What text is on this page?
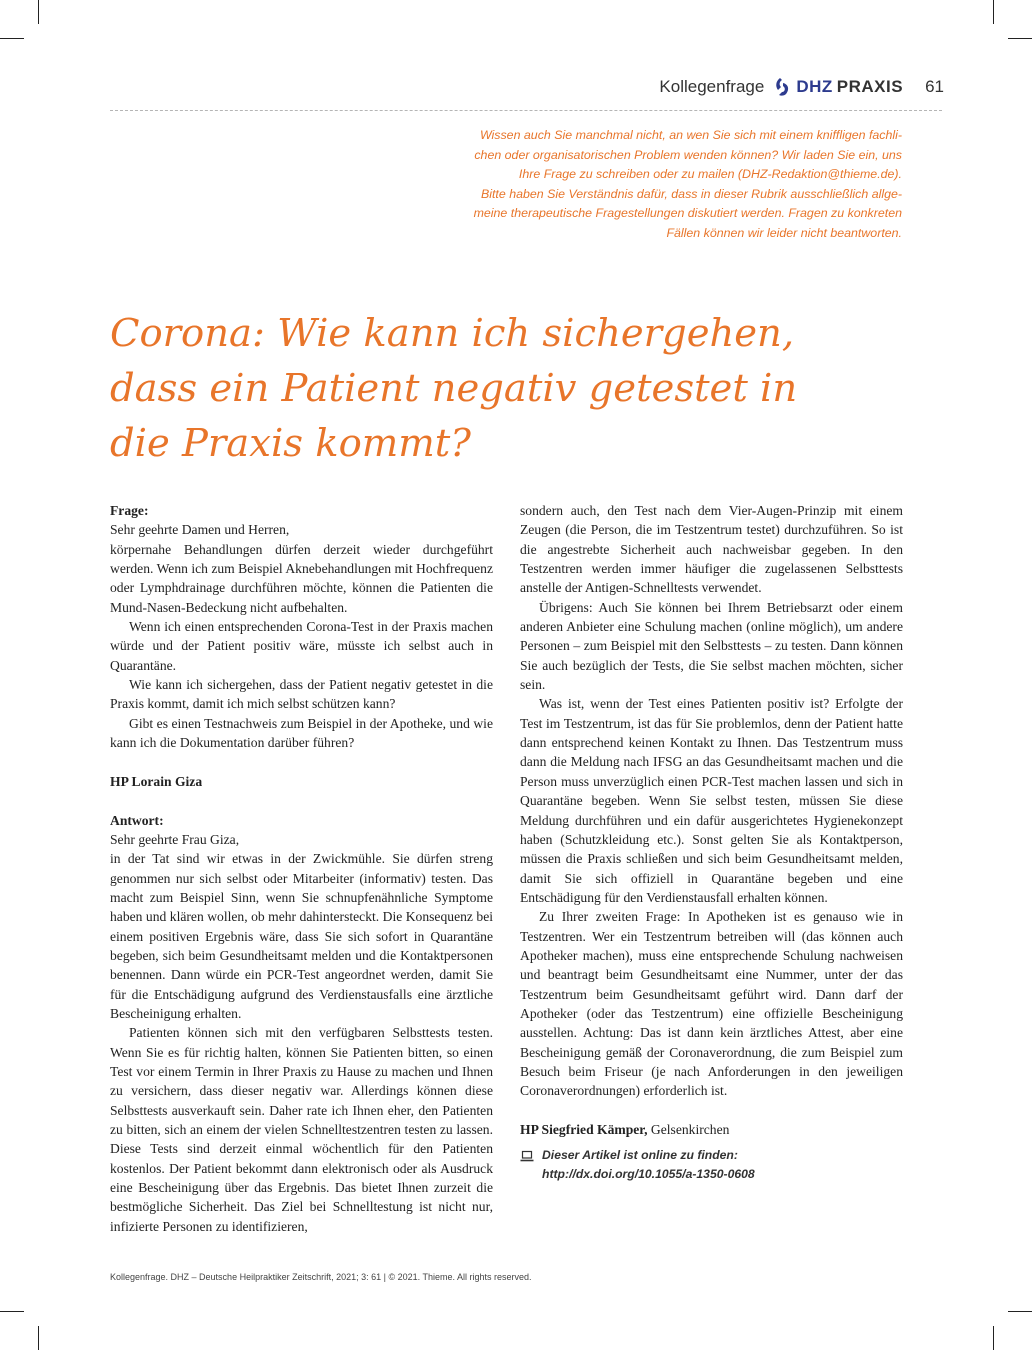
Kollegenfrage DHZ PRAXIS 61
Wissen auch Sie manchmal nicht, an wen Sie sich mit einem kniffligen fachli-
chen oder organisatorischen Problem wenden können? Wir laden Sie ein, uns
Ihre Frage zu schreiben oder zu mailen (DHZ-Redaktion@thieme.de).
Bitte haben Sie Verständnis dafür, dass in dieser Rubrik ausschließlich allge-
meine therapeutische Fragestellungen diskutiert werden. Fragen zu konkreten
Fällen können wir leider nicht beantworten.
Corona: Wie kann ich sichergehen,
dass ein Patient negativ getestet in
die Praxis kommt?

Frage:

Sehr geehrte Damen und Herren,

körpernahe Behandlungen dürfen derzeit wieder durchgeführt werden. Wenn ich zum Beispiel Aknebehandlungen mit Hochfrequenz oder Lymphdrainage durchführen möchte, können die Patienten die Mund-Nasen-Bedeckung nicht aufbehalten.

Wenn ich einen entsprechenden Corona-Test in der Praxis machen würde und der Patient positiv wäre, müsste ich selbst auch in Quarantäne.

Wie kann ich sichergehen, dass der Patient negativ getestet in die Praxis kommt, damit ich mich selbst schützen kann?

Gibt es einen Testnachweis zum Beispiel in der Apotheke, und wie kann ich die Dokumentation darüber führen?

HP Lorain Giza

Antwort:

Sehr geehrte Frau Giza,

in der Tat sind wir etwas in der Zwickmühle. Sie dürfen streng genommen nur sich selbst oder Mitarbeiter (informativ) testen. Das macht zum Beispiel Sinn, wenn Sie schnupfenähnliche Symptome haben und klären wollen, ob mehr dahintersteckt. Die Konsequenz bei einem positiven Ergebnis wäre, dass Sie sich sofort in Quarantäne begeben, sich beim Gesundheitsamt melden und die Kontaktpersonen benennen. Dann würde ein PCR-Test angeordnet werden, damit Sie für die Entschädigung aufgrund des Verdienstausfalls eine ärztliche Bescheinigung erhalten.

Patienten können sich mit den verfügbaren Selbsttests testen. Wenn Sie es für richtig halten, können Sie Patienten bitten, so einen Test vor einem Termin in Ihrer Praxis zu Hause zu machen und Ihnen zu versichern, dass dieser negativ war. Allerdings können diese Selbsttests ausverkauft sein. Daher rate ich Ihnen eher, den Patienten zu bitten, sich an einem der vielen Schnelltestzentren testen zu lassen. Diese Tests sind derzeit einmal wöchentlich für den Patienten kostenlos. Der Patient bekommt dann elektronisch oder als Ausdruck eine Bescheinigung über das Ergebnis. Das bietet Ihnen zurzeit die bestmögliche Sicherheit. Das Ziel bei Schnelltestung ist nicht nur, infizierte Personen zu identifizieren,

sondern auch, den Test nach dem Vier-Augen-Prinzip mit einem Zeugen (die Person, die im Testzentrum testet) durchzuführen. So ist die angestrebte Sicherheit auch nachweisbar gegeben. In den Testzentren werden immer häufiger die zugelassenen Selbsttests anstelle der Antigen-Schnelltests verwendet.

Übrigens: Auch Sie können bei Ihrem Betriebsarzt oder einem anderen Anbieter eine Schulung machen (online möglich), um andere Personen – zum Beispiel mit den Selbsttests – zu testen. Dann können Sie auch bezüglich der Tests, die Sie selbst machen möchten, sicher sein.

Was ist, wenn der Test eines Patienten positiv ist? Erfolgte der Test im Testzentrum, ist das für Sie problemlos, denn der Patient hatte dann entsprechend keinen Kontakt zu Ihnen. Das Testzentrum muss dann die Meldung nach IFSG an das Gesundheitsamt machen und die Person muss unverzüglich einen PCR-Test machen lassen und sich in Quarantäne begeben. Wenn Sie selbst testen, müssen Sie diese Meldung durchführen und ein dafür ausgerichtetes Hygienekonzept haben (Schutzkleidung etc.). Sonst gelten Sie als Kontaktperson, müssen die Praxis schließen und sich beim Gesundheitsamt melden, damit Sie sich offiziell in Quarantäne begeben und eine Entschädigung für den Verdienstausfall erhalten können.

Zu Ihrer zweiten Frage: In Apotheken ist es genauso wie in Testzentren. Wer ein Testzentrum betreiben will (das können auch Apotheker machen), muss eine entsprechende Schulung nachweisen und beantragt beim Gesundheitsamt eine Nummer, unter der das Testzentrum beim Gesundheitsamt geführt wird. Dann darf der Apotheker (oder das Testzentrum) eine offizielle Bescheinigung ausstellen. Achtung: Das ist dann kein ärztliches Attest, aber eine Bescheinigung gemäß der Coronaverordnung, die zum Beispiel zum Besuch beim Friseur (je nach Anforderungen in den jeweiligen Coronaverordnungen) erforderlich ist.

HP Siegfried Kämper, Gelsenkirchen

Dieser Artikel ist online zu finden:
http://dx.doi.org/10.1055/a-1350-0608
Kollegenfrage. DHZ – Deutsche Heilpraktiker Zeitschrift, 2021; 3: 61 | © 2021. Thieme. All rights reserved.
